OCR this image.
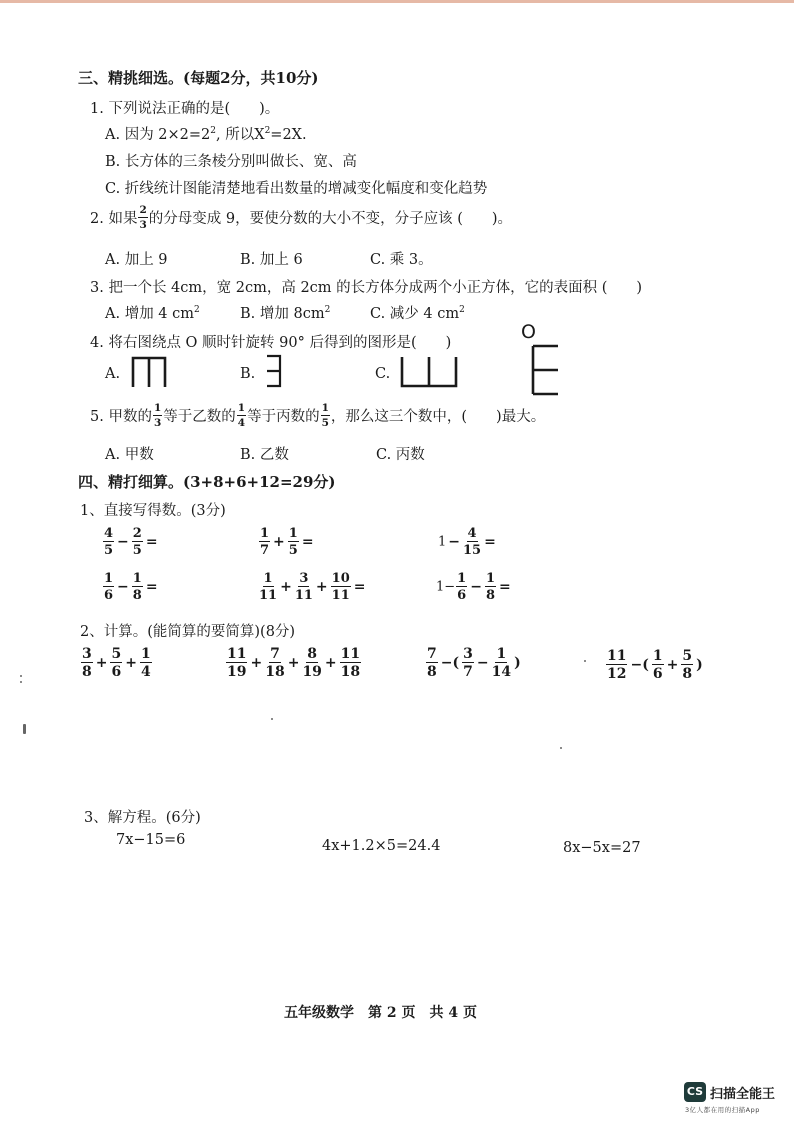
三、精挑细选。(每题2分，共10分)
1. 下列说法正确的是(　　)。
A. 因为 $2\times 2=2^2$, 所以$X^2=2X$.
B. 长方体的三条棱分别叫做长、宽、高
C. 折线统计图能清楚地看出数量的增减变化幅度和变化趋势
2. 如果 $\frac{2}{3}$ 的分母变成 9，要使分数的大小不变，分子应该 (　　)。
A. 加上 9	B. 加上 6	C. 乘 3。
3. 把一个长 4cm，宽 2cm，高 2cm 的长方体分成两个小正方体，它的表面积 (　　)
A. 增加 4 $cm^2$	B. 增加 $8cm^2$	C. 减少 4 $cm^2$
4. 将右图绕点 O 顺时针旋转 90° 后得到的图形是(　　)	O
A.	B.	C.
5. 甲数的 $\frac{1}{3}$ 等于乙数的 $\frac{1}{4}$ 等于丙数的 $\frac{1}{5}$ ，那么这三个数中，(　　)最大。
A. 甲数	B. 乙数	C. 丙数
四、精打细算。(3+8+6+12=29分)
1、直接写得数。(3分)
$\frac{4}{5} - \frac{2}{5}$ =	$\frac{1}{7} + \frac{1}{5}$ =	$1 - \frac{4}{15}$ =
$\frac{1}{6} - \frac{1}{8}$ =	$\frac{1}{11} + \frac{3}{11} + \frac{10}{11}$ =	$1- \frac{1}{6} - \frac{1}{8}$ =
2、计算。(能简算的要简算)(8分)
$\frac{3}{8} + \frac{5}{6} + \frac{1}{4}$	$\frac{11}{19} + \frac{7}{18} + \frac{8}{19} + \frac{11}{18}$	$\frac{7}{8}$ −( $\frac{3}{7} - \frac{1}{14}$ )	$\frac{11}{12}$ −( $\frac{1}{6} + \frac{5}{8}$ )
3、解方程。(6分)
7x−15=6	4x+1.2×5=24.4	8x−5x=27
五年级数学　第 2 页　共 4 页
CS 扫描全能王
3亿人都在用的扫描App
